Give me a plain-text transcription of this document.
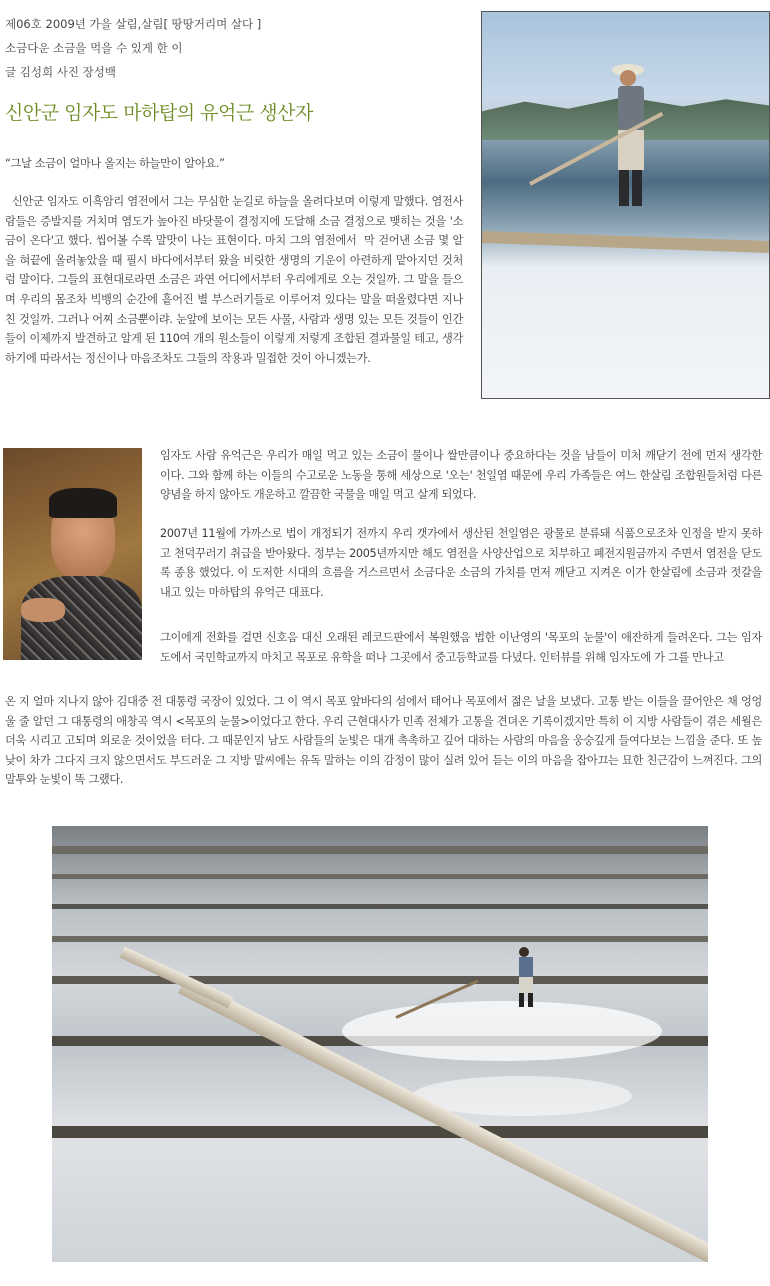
제06호 2009년 가을 살림,살림[ 땅땅거리며 살다 ]
소금다운 소금을 먹을 수 있게 한 이
글 김성희 사진 장성백
신안군 임자도 마하탑의 유억근 생산자

“그날 소금이 얼마나 올지는 하늘만이 알아요.”

신안군 임자도 이흑암리 염전에서 그는 무심한 눈길로 하늘을 올려다보며 이렇게 말했다. 염전사람들은 증발지를 거치며 염도가 높아진 바닷물이 결정지에 도달해 소금 결정으로 맺히는 것을 '소금이 온다'고 했다. 씹어볼 수록 말맛이 나는 표현이다. 마치 그의 염전에서  막 걷어낸 소금 몇 알을 혀끝에 올려놓았을 때 필시 바다에서부터 왔을 비릿한 생명의 기운이 아련하게 맡아지던 것처럼 말이다. 그들의 표현대로라면 소금은 과연 어디에서부터 우리에게로 오는 것일까. 그 말을 들으며 우리의 몸조차 빅뱅의 순간에 흩어진 별 부스러기들로 이루어져 있다는 말을 떠올렸다면 지나친 것일까. 그러나 어찌 소금뿐이랴. 눈앞에 보이는 모든 사물, 사람과 생명 있는 모든 것들이 인간들이 이제까지 발견하고 알게 된 110여 개의 원소들이 이렇게 저렇게 조합된 결과물일 테고, 생각하기에 따라서는 정신이나 마음조차도 그들의 작용과 밀접한 것이 아니겠는가.

임자도 사람 유억근은 우리가 매일 먹고 있는 소금이 물이나 쌀만큼이나 중요하다는 것을 남들이 미처 깨닫기 전에 먼저 생각한 이다. 그와 함께 하는 이들의 수고로운 노동을 통해 세상으로 '오는' 천일염 때문에 우리 가족들은 여느 한살림 조합원들처럼 다른 양념을 하지 않아도 개운하고 깔끔한 국물을 매일 먹고 살게 되었다.

2007년 11월에 가까스로 법이 개정되기 전까지 우리 갯가에서 생산된 천일염은 광물로 분류돼 식품으로조차 인정을 받지 못하고 천덕꾸러기 취급을 받아왔다. 정부는 2005년까지만 해도 염전을 사양산업으로 치부하고 폐전지원금까지 주면서 염전을 닫도록 종용 했었다. 이 도저한 시대의 흐름을 거스르면서 소금다운 소금의 가치를 먼저 깨닫고 지켜온 이가 한살림에 소금과 젓갈을 내고 있는 마하탑의 유억근 대표다.

그이에게 전화를 걸면 신호음 대신 오래된 레코드판에서 복원했음 법한 이난영의 '목포의 눈물'이 애잔하게 들려온다. 그는 임자도에서 국민학교까지 마치고 목포로 유학을 떠나 그곳에서 중고등학교를 다녔다. 인터뷰를 위해 임자도에 가 그를 만나고

온 지 얼마 지나지 않아 김대중 전 대통령 국장이 있었다. 그 이 역시 목포 앞바다의 섬에서 태어나 목포에서 젊은 날을 보냈다. 고통 받는 이들을 끌어안은 채 엉엉 울 줄 알던 그 대통령의 애창곡 역시 <목포의 눈물>이었다고 한다. 우리 근현대사가 민족 전체가 고통을 견뎌온 기록이겠지만 특히 이 지방 사람들이 겪은 세월은 더욱 시리고 고되며 외로운 것이었을 터다. 그 때문인지 남도 사람들의 눈빛은 대개 촉촉하고 깊어 대하는 사람의 마음을 웅숭깊게 들여다보는 느낌을 준다. 또 높낮이 차가 그다지 크지 않으면서도 부드러운 그 지방 말씨에는 유독 말하는 이의 감정이 많이 실려 있어 듣는 이의 마음을 잡아끄는 묘한 친근감이 느껴진다. 그의 말투와 눈빛이 똑 그랬다.
